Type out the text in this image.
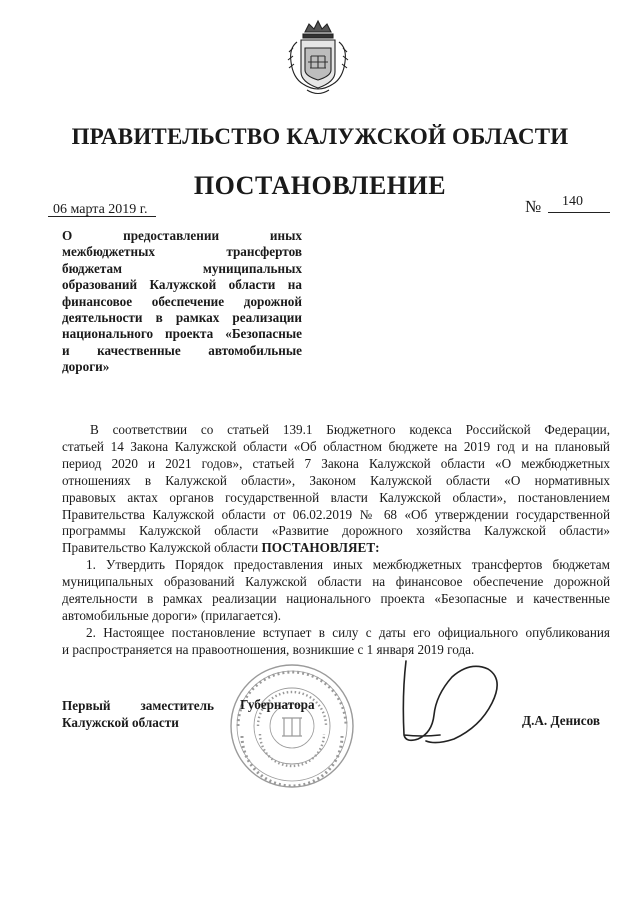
ПРАВИТЕЛЬСТВО КАЛУЖСКОЙ ОБЛАСТИ
ПОСТАНОВЛЕНИЕ
06 марта 2019 г.	№ 140
О предоставлении иных
межбюджетных трансфертов
бюджетам муниципальных
образований Калужской области на
финансовое обеспечение дорожной
деятельности в рамках реализации
национального проекта «Безопасные
и качественные автомобильные
дороги»
В соответствии со статьей 139.1 Бюджетного кодекса Российской Федерации,
статьей 14 Закона Калужской области «Об областном бюджете на 2019 год и на плановый
период 2020 и 2021 годов», статьей 7 Закона Калужской области «О межбюджетных
отношениях в Калужской области», Законом Калужской области «О нормативных
правовых актах органов государственной власти Калужской области», постановлением
Правительства Калужской области от 06.02.2019 № 68 «Об утверждении государственной
программы Калужской области «Развитие дорожного хозяйства Калужской области»
Правительство Калужской области ПОСТАНОВЛЯЕТ:
1. Утвердить Порядок предоставления иных межбюджетных трансфертов бюджетам
муниципальных образований Калужской области на финансовое обеспечение дорожной
деятельности в рамках реализации национального проекта «Безопасные и качественные
автомобильные дороги» (прилагается).
2. Настоящее постановление вступает в силу с даты его официального опубликования
и распространяется на правоотношения, возникшие с 1 января 2019 года.
Первый заместитель
Калужской области
Губернатора
Д.А. Денисов
